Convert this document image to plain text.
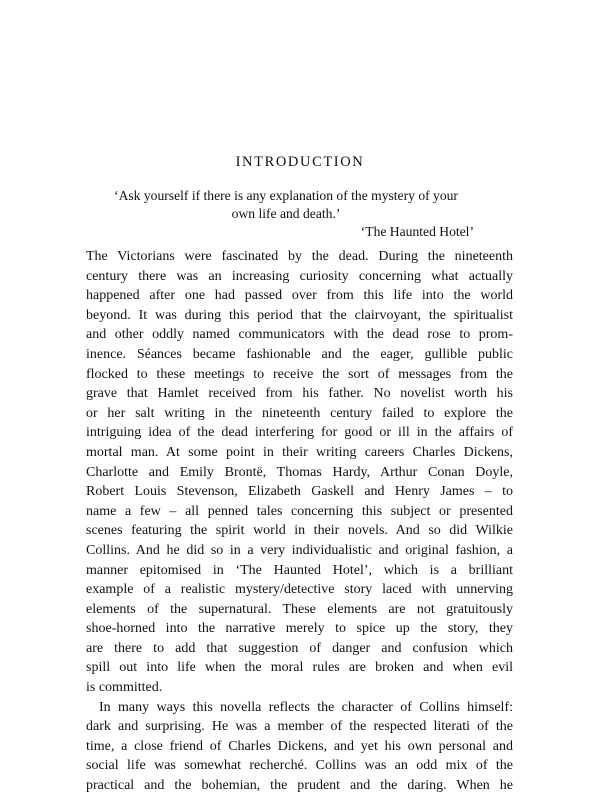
INTRODUCTION
‘Ask yourself if there is any explanation of the mystery of your
own life and death.’
‘The Haunted Hotel’
The Victorians were fascinated by the dead. During the nineteenth
century there was an increasing curiosity concerning what actually
happened after one had passed over from this life into the world
beyond. It was during this period that the clairvoyant, the spiritualist
and other oddly named communicators with the dead rose to prom-
inence. Séances became fashionable and the eager, gullible public
flocked to these meetings to receive the sort of messages from the
grave that Hamlet received from his father. No novelist worth his
or her salt writing in the nineteenth century failed to explore the
intriguing idea of the dead interfering for good or ill in the affairs of
mortal man. At some point in their writing careers Charles Dickens,
Charlotte and Emily Brontë, Thomas Hardy, Arthur Conan Doyle,
Robert Louis Stevenson, Elizabeth Gaskell and Henry James – to
name a few – all penned tales concerning this subject or presented
scenes featuring the spirit world in their novels. And so did Wilkie
Collins. And he did so in a very individualistic and original fashion, a
manner epitomised in ‘The Haunted Hotel’, which is a brilliant
example of a realistic mystery/detective story laced with unnerving
elements of the supernatural. These elements are not gratuitously
shoe-horned into the narrative merely to spice up the story, they
are there to add that suggestion of danger and confusion which
spill out into life when the moral rules are broken and when evil
is committed.
In many ways this novella reflects the character of Collins himself:
dark and surprising. He was a member of the respected literati of the
time, a close friend of Charles Dickens, and yet his own personal and
social life was somewhat recherché. Collins was an odd mix of the
practical and the bohemian, the prudent and the daring. When he
